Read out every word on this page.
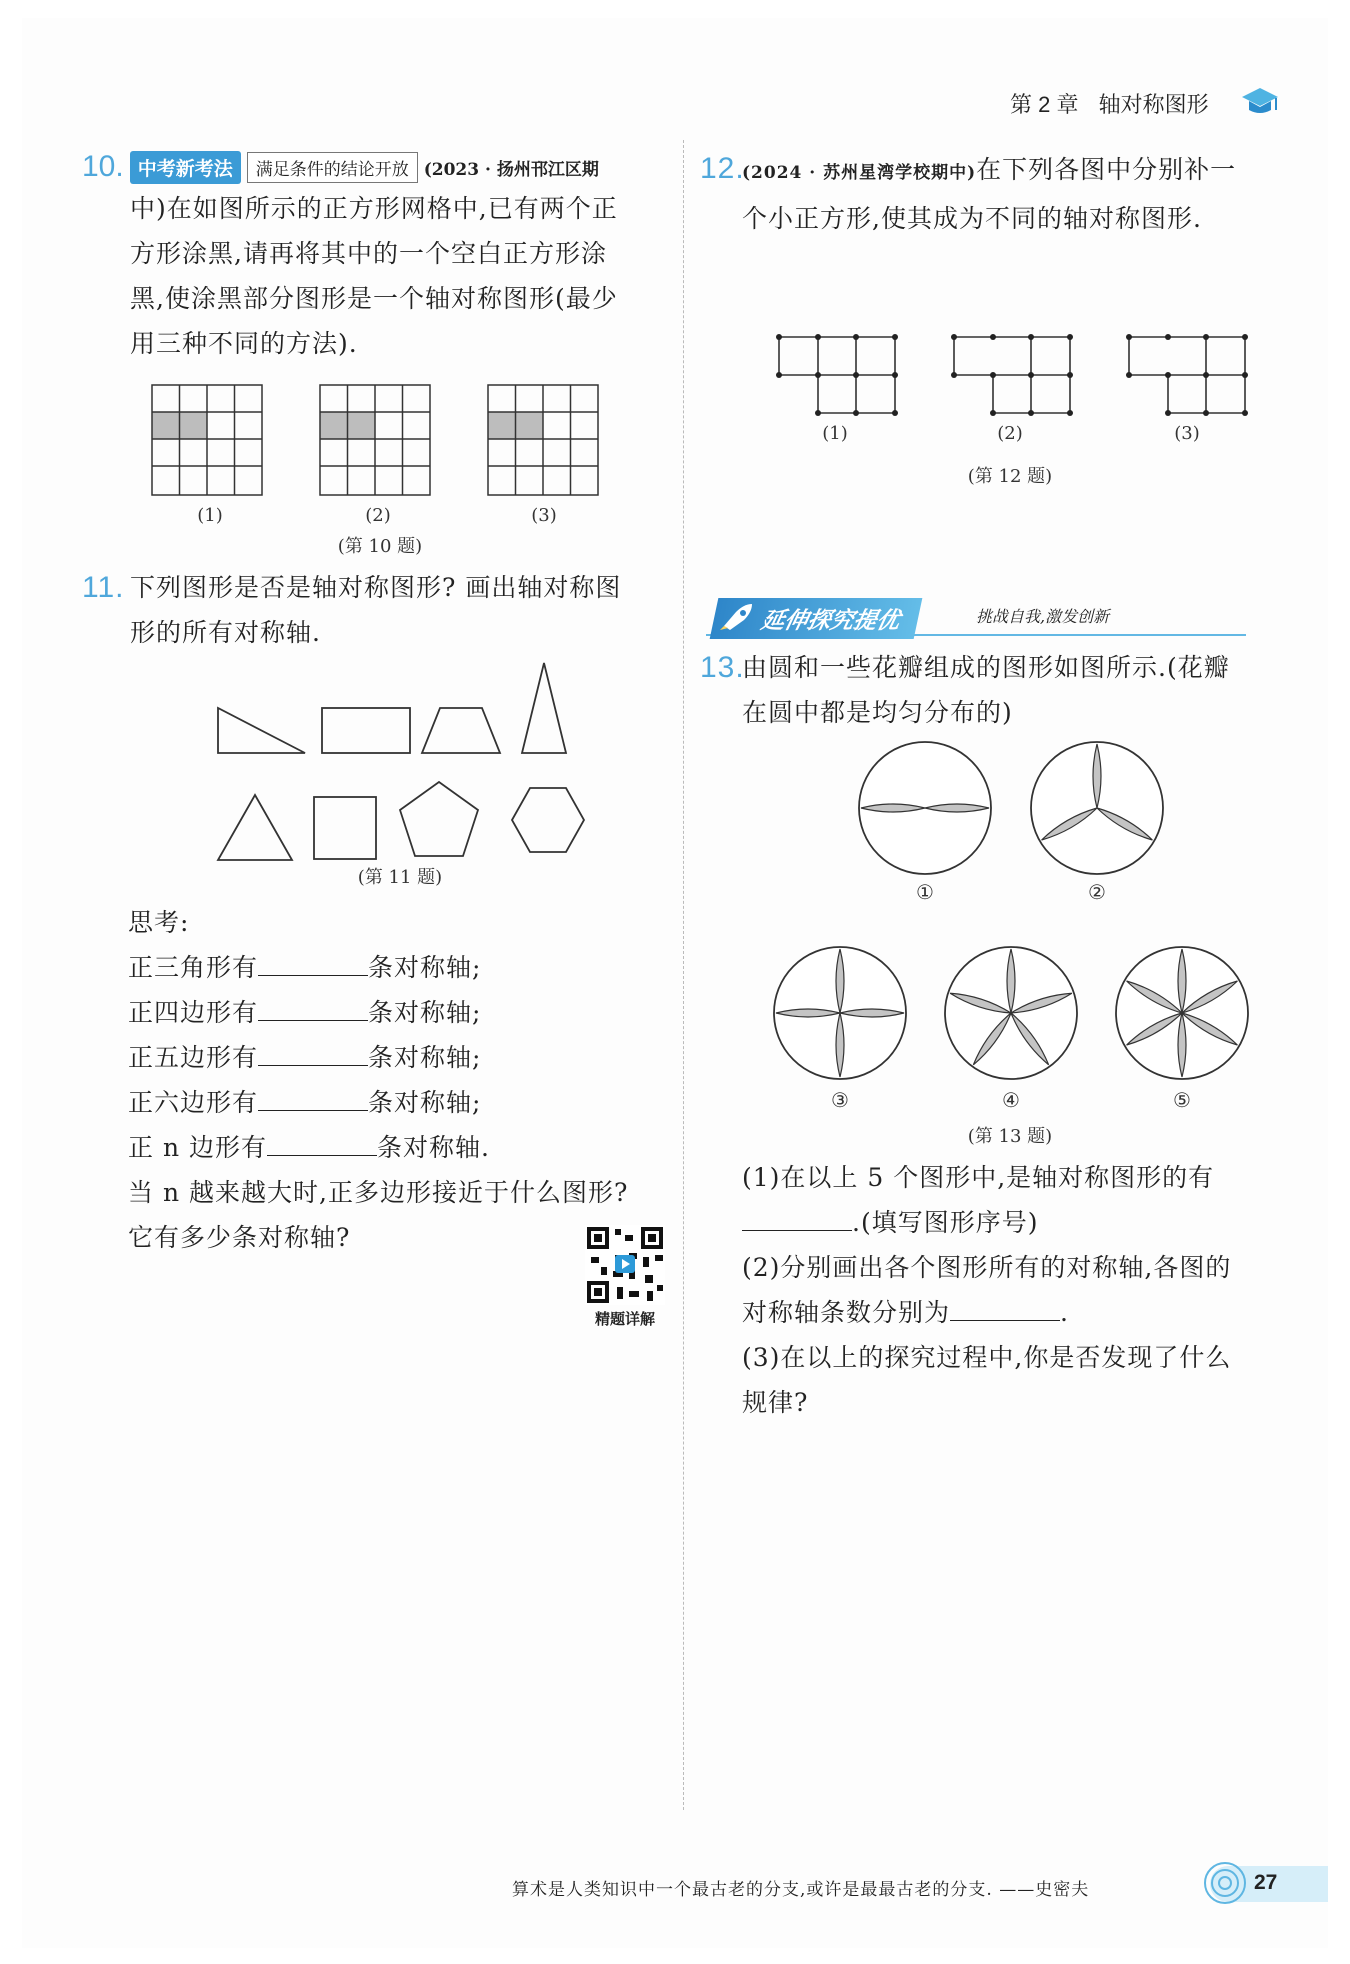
第 2 章 轴对称图形
10. 中考新考法	满足条件的结论开放 (2023 · 扬州邗江区期
中)在如图所示的正方形网格中,已有两个正
方形涂黑,请再将其中的一个空白正方形涂
黑,使涂黑部分图形是一个轴对称图形(最少
用三种不同的方法).
(1)	(2)	(3)
(第 10 题)
11. 下列图形是否是轴对称图形? 画出轴对称图
形的所有对称轴.
(第 11 题)
思考:
正三角形有	条对称轴;
正四边形有	条对称轴;
正五边形有	条对称轴;
正六边形有	条对称轴;
正 n 边形有	条对称轴.
当 n 越来越大时,正多边形接近于什么图形?
它有多少条对称轴?
精题详解
12.
(2024 · 苏州星湾学校期中) 在下列各图中分别补一
个小正方形,使其成为不同的轴对称图形.
(1)	(2)	(3)
(第 12 题)
延伸探究提优	挑战自我,激发创新
13.
由圆和一些花瓣组成的图形如图所示.(花瓣
在圆中都是均匀分布的)
①	②
③	④	⑤
(第 13 题)
(1)在以上 5 个图形中,是轴对称图形的有
.(填写图形序号)
(2)分别画出各个图形所有的对称轴,各图的
对称轴条数分别为	.
(3)在以上的探究过程中,你是否发现了什么
规律?
算术是人类知识中一个最古老的分支,或许是最最古老的分支. ——史密夫	27
